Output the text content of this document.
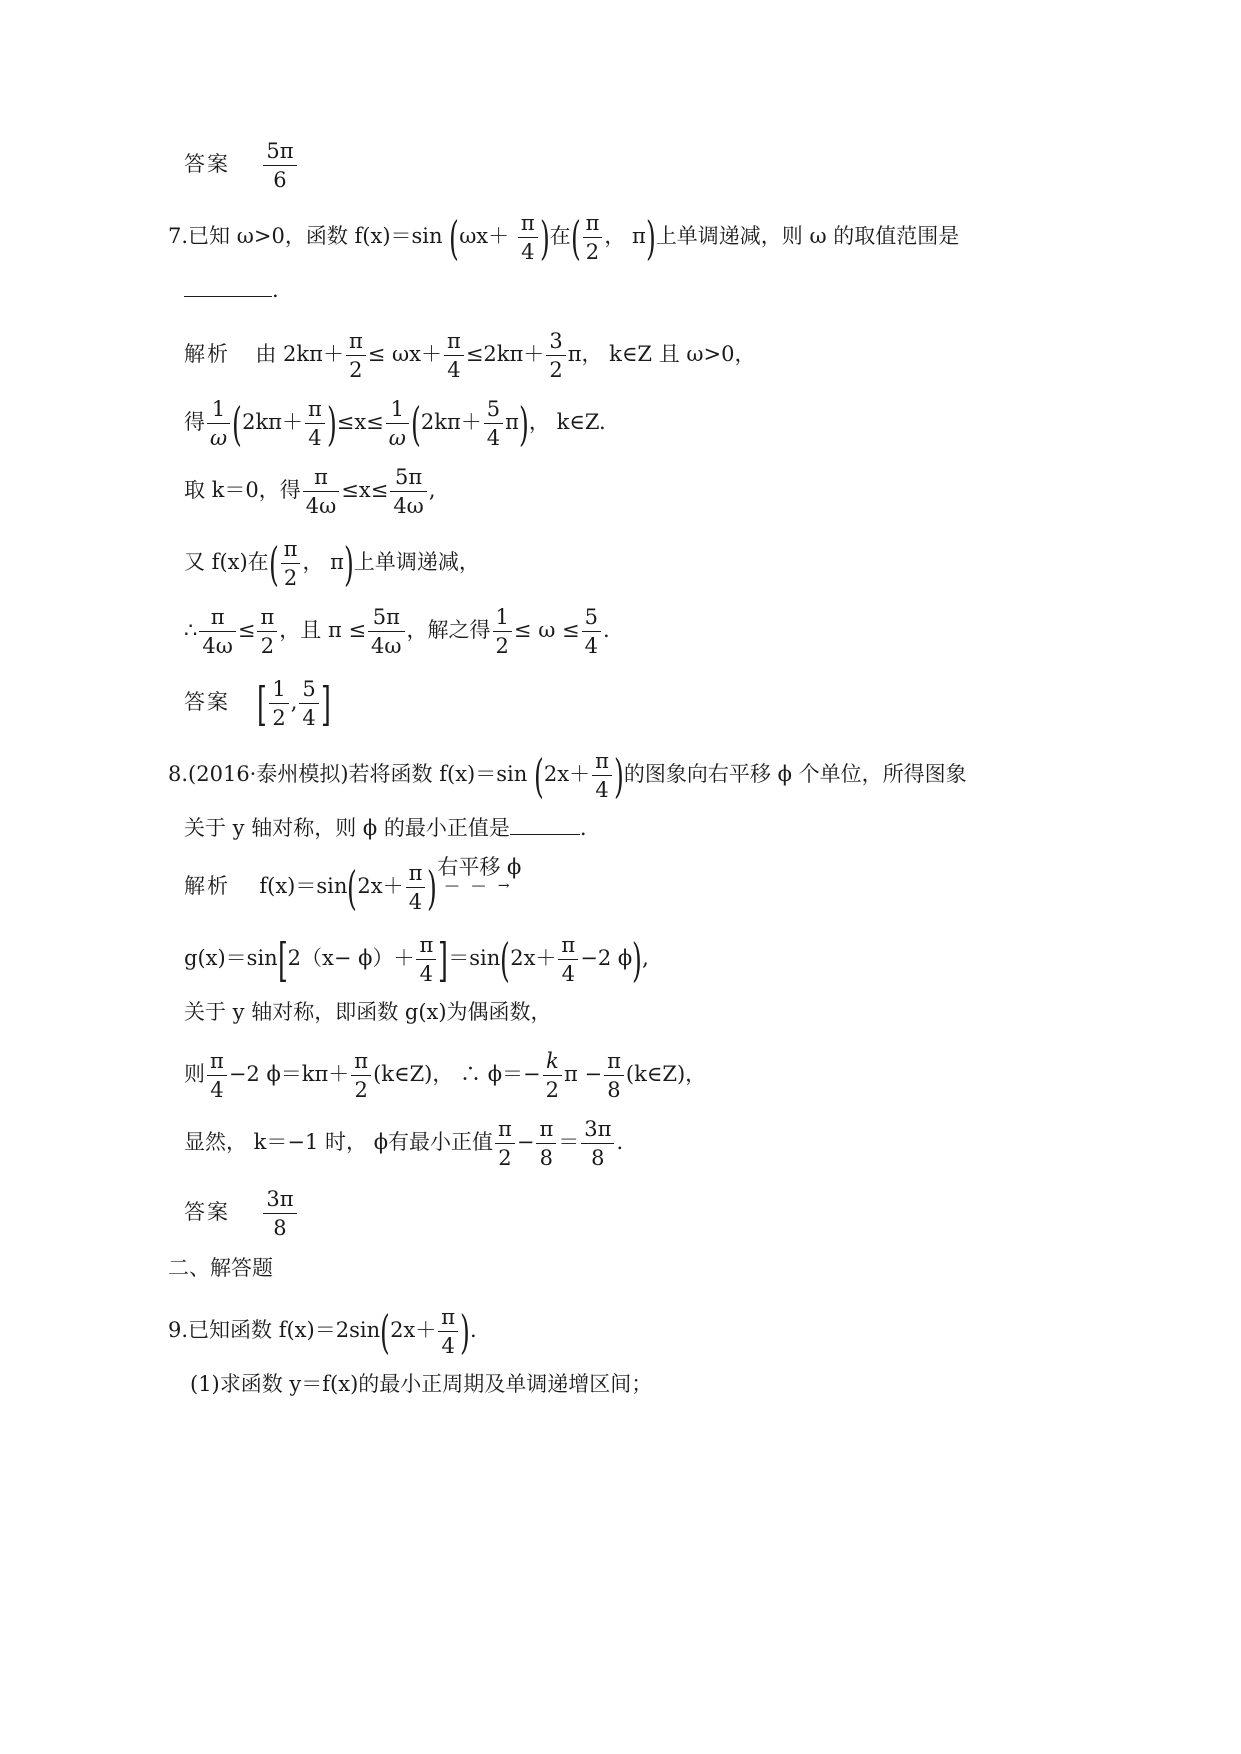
答案 $\frac{5\pi}{6}$
7.已知 ω>0，函数 f(x)＝sin ($\omega x+ \frac{\pi}{4}$ )在( $\frac{\pi}{2}$ ， π)上单调递减，则 ω 的取值范围是
.
解析 由 $2k\pi+ \frac{\pi}{2} \le \omega x+ \frac{\pi}{4} \le 2k\pi+ \frac{3}{2}$ π， k∈Z 且 ω>0，
得 $\frac{1}{\omega} (2k\pi+ \frac{\pi}{4} )\le x\le \frac{1}{\omega} (2k\pi+ \frac{5}{4} \pi)$， k∈Z.
取 k＝0，得 $\frac{\pi}{4\omega} \le x\le \frac{5\pi}{4\omega}$ ,
又 f(x)在( $\frac{\pi}{2}$ ， π)上单调递减，
∴ $\frac{\pi}{4\omega} \le \frac{\pi}{2}$ ，且 $\pi \le \frac{5\pi}{4\omega}$ ，解之得 $\frac{1}{2} \le \omega \le \frac{5}{4}$ .
答案 [ $\frac{1}{2}$ , $\frac{5}{4}$ ]
8.(2016·泰州模拟)若将函数 f(x)＝sin ($2x+ \frac{\pi}{4}$ )的图象向右平移 ϕ 个单位，所得图象
关于 y 轴对称，则 ϕ 的最小正值是	.
解析 $f(x)=\sin(2x+ \frac{\pi}{4}$ ) 右平移 ϕ
— — →
$g(x)=\sin[2(x- \phi)+ \frac{\pi}{4} ]=\sin(2x+ \frac{\pi}{4} -2$ ϕ),
关于 y 轴对称，即函数 g(x)为偶函数，
则 $\frac{\pi}{4} -2$ $\phi=k\pi+ \frac{\pi}{2}$ (k∈Z)， ∴ $\phi=- \frac{k}{2}$ $\pi - \frac{\pi}{8}$ (k∈Z)，
显然， k＝−1 时， ϕ有最小正值 $\frac{\pi}{2} - \frac{\pi}{8} = \frac{3\pi}{8}$ .
答案 $\frac{3\pi}{8}$
二、解答题
9.已知函数 $f(x)=2\sin(2x+ \frac{\pi}{4}$ ).
(1)求函数 y＝f(x)的最小正周期及单调递增区间；
